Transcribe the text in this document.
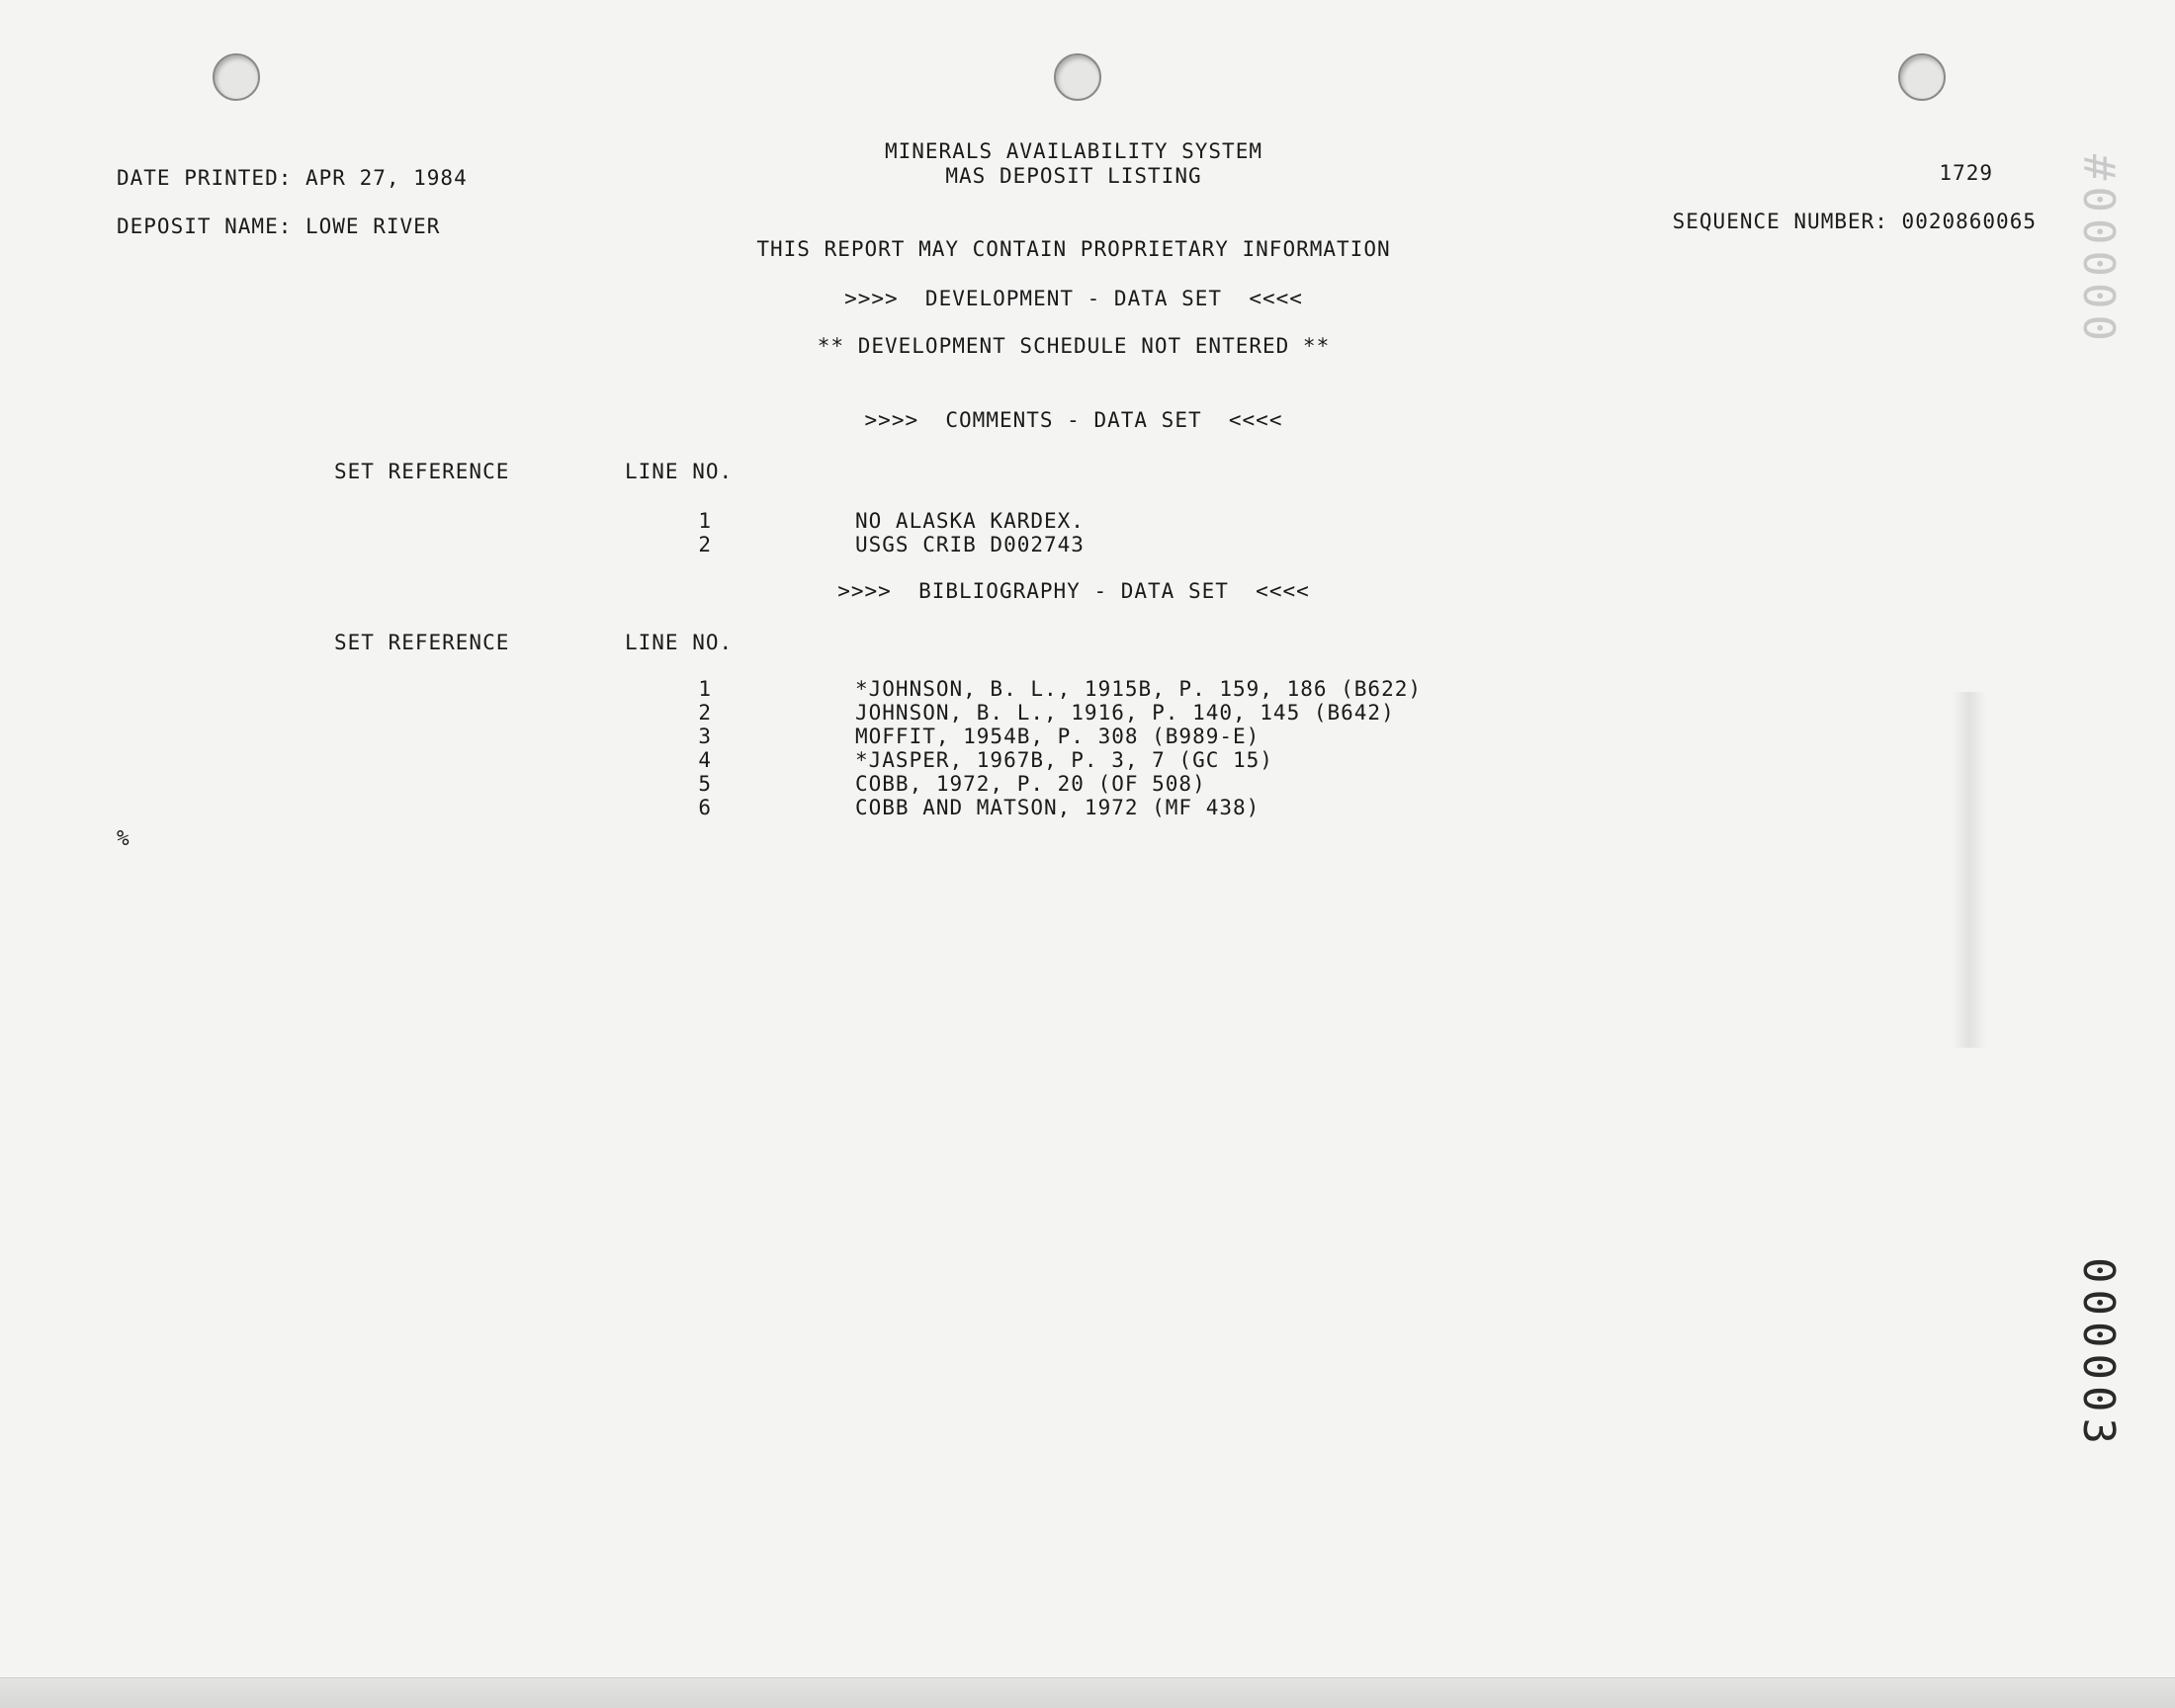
DATE PRINTED: APR 27, 1984
DEPOSIT NAME: LOWE RIVER
MINERALS AVAILABILITY SYSTEM
MAS DEPOSIT LISTING	1729
SEQUENCE NUMBER: 0020860065
THIS REPORT MAY CONTAIN PROPRIETARY INFORMATION
>>>>  DEVELOPMENT - DATA SET  <<<<
** DEVELOPMENT SCHEDULE NOT ENTERED **
>>>>  COMMENTS - DATA SET  <<<<
SET REFERENCE	LINE NO.
1	NO ALASKA KARDEX.
2	USGS CRIB D002743
>>>>  BIBLIOGRAPHY - DATA SET  <<<<
SET REFERENCE	LINE NO.
1	*JOHNSON, B. L., 1915B, P. 159, 186 (B622)
2	JOHNSON, B. L., 1916, P. 140, 145 (B642)
3	MOFFIT, 1954B, P. 308 (B989-E)
4	*JASPER, 1967B, P. 3, 7 (GC 15)
5	COBB, 1972, P. 20 (OF 508)
6	COBB AND MATSON, 1972 (MF 438)
%
#00000
000003
